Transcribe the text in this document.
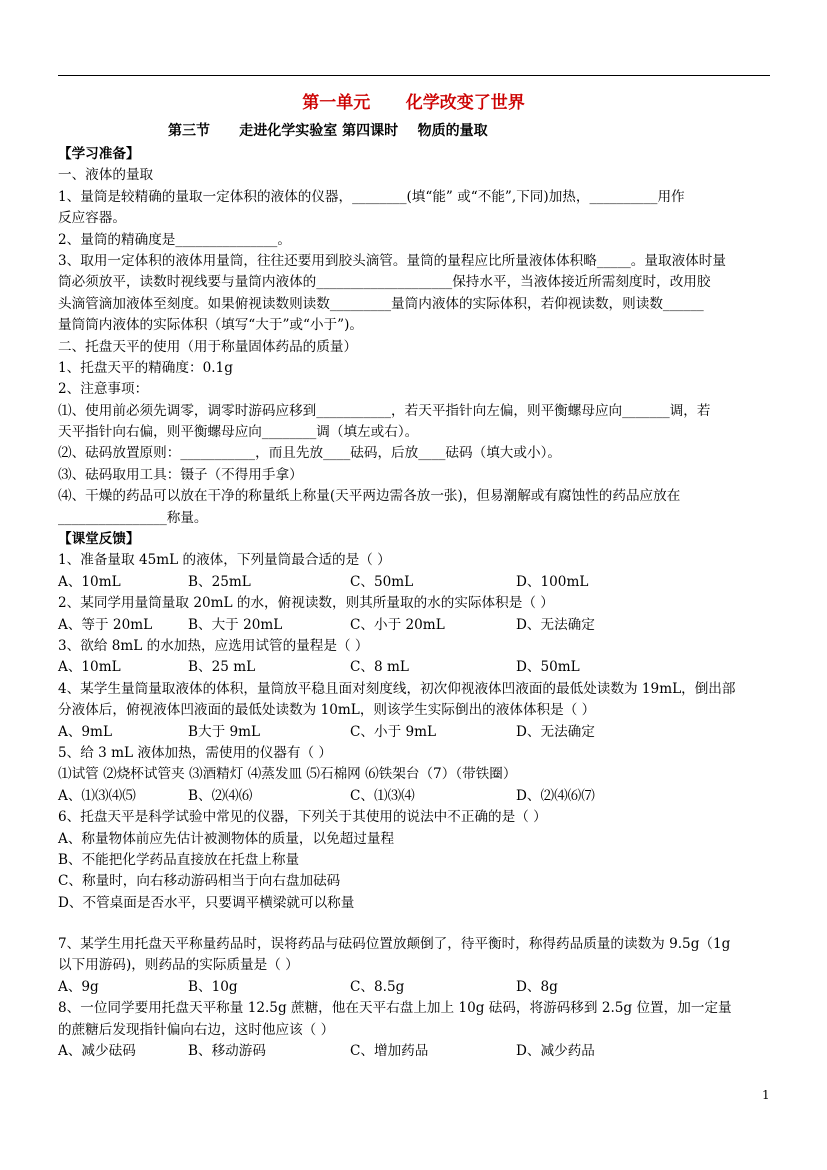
第一单元      化学改变了世界
第三节      走进化学实验室 第四课时    物质的量取
【学习准备】
一、液体的量取
1、量筒是较精确的量取一定体积的液体的仪器，________(填“能” 或“不能”,下同)加热，__________用作
反应容器。
2、量筒的精确度是_______________。
3、取用一定体积的液体用量筒，往往还要用到胶头滴管。量筒的量程应比所量液体体积略_____。量取液体时量
筒必须放平，读数时视线要与量筒内液体的____________________保持水平，当液体接近所需刻度时，改用胶
头滴管滴加液体至刻度。如果俯视读数则读数_________量筒内液体的实际体积，若仰视读数，则读数______
量筒筒内液体的实际体积（填写“大于”或“小于”)。
二、托盘天平的使用（用于称量固体药品的质量）
1、托盘天平的精确度：0.1g
2、注意事项：
⑴、使用前必须先调零，调零时游码应移到___________，若天平指针向左偏，则平衡螺母应向_______调，若
天平指针向右偏，则平衡螺母应向________调（填左或右）。
⑵、砝码放置原则：___________，而且先放____砝码，后放____砝码（填大或小）。
⑶、砝码取用工具：镊子（不得用手拿）
⑷、干燥的药品可以放在干净的称量纸上称量(天平两边需各放一张)，但易潮解或有腐蚀性的药品应放在
________________称量。
【课堂反馈】
1、准备量取 45mL 的液体，下列量筒最合适的是（ ）
A、10mL	B、25mL	C、50mL	D、100mL
2、某同学用量筒量取 20mL 的水，俯视读数，则其所量取的水的实际体积是（ ）
A、等于 20mL	B、大于 20mL	C、小于 20mL	D、无法确定
3、欲给 8mL 的水加热，应选用试管的量程是（ ）
A、10mL	B、25 mL	C、8 mL	D、50mL
4、某学生量筒量取液体的体积，量筒放平稳且面对刻度线，初次仰视液体凹液面的最低处读数为 19mL，倒出部
分液体后，俯视液体凹液面的最低处读数为 10mL，则该学生实际倒出的液体体积是（ ）
A、9mL	B大于 9mL	C、小于 9mL	D、无法确定
5、给 3 mL 液体加热，需使用的仪器有（ ）
⑴试管 ⑵烧杯试管夹 ⑶酒精灯 ⑷蒸发皿 ⑸石棉网 ⑹铁架台（7）（带铁圈）
A、⑴⑶⑷⑸	B、⑵⑷⑹	C、⑴⑶⑷	D、⑵⑷⑹⑺
6、托盘天平是科学试验中常见的仪器，下列关于其使用的说法中不正确的是（ ）
A、称量物体前应先估计被测物体的质量，以免超过量程
B、不能把化学药品直接放在托盘上称量
C、称量时，向右移动游码相当于向右盘加砝码
D、不管桌面是否水平，只要调平横梁就可以称量
7、某学生用托盘天平称量药品时，误将药品与砝码位置放颠倒了，待平衡时，称得药品质量的读数为 9.5g（1g
以下用游码)，则药品的实际质量是（ ）
A、9g	B、10g	C、8.5g	D、8g
8、一位同学要用托盘天平称量 12.5g 蔗糖，他在天平右盘上加上 10g 砝码，将游码移到 2.5g 位置，加一定量
的蔗糖后发现指针偏向右边，这时他应该（ ）
A、减少砝码	B、移动游码	C、增加药品	D、减少药品
1
